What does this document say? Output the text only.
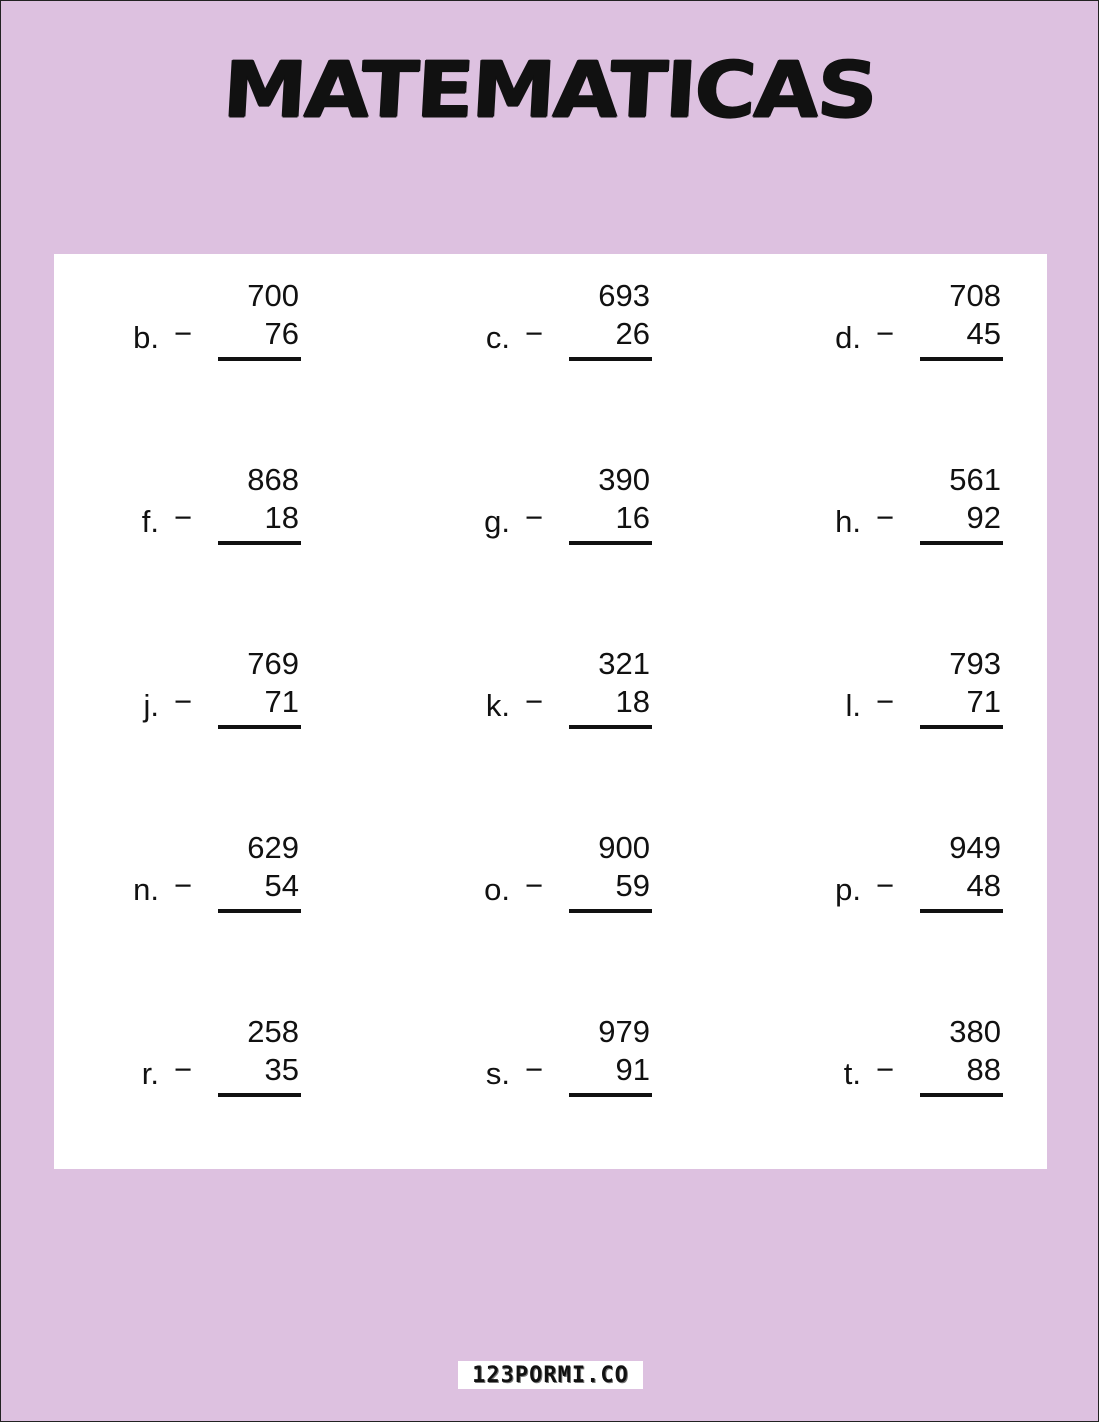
MATEMATICAS
700
b. −	76
693
c. −	26
708
d. −	45
868
f. −	18
390
g. −	16
561
h. −	92
769
j. −	71
321
k. −	18
793
l. −	71
629
n. −	54
900
o. −	59
949
p. −	48
258
r. −	35
979
s. −	91
380
t. −	88
123PORMI.CO
